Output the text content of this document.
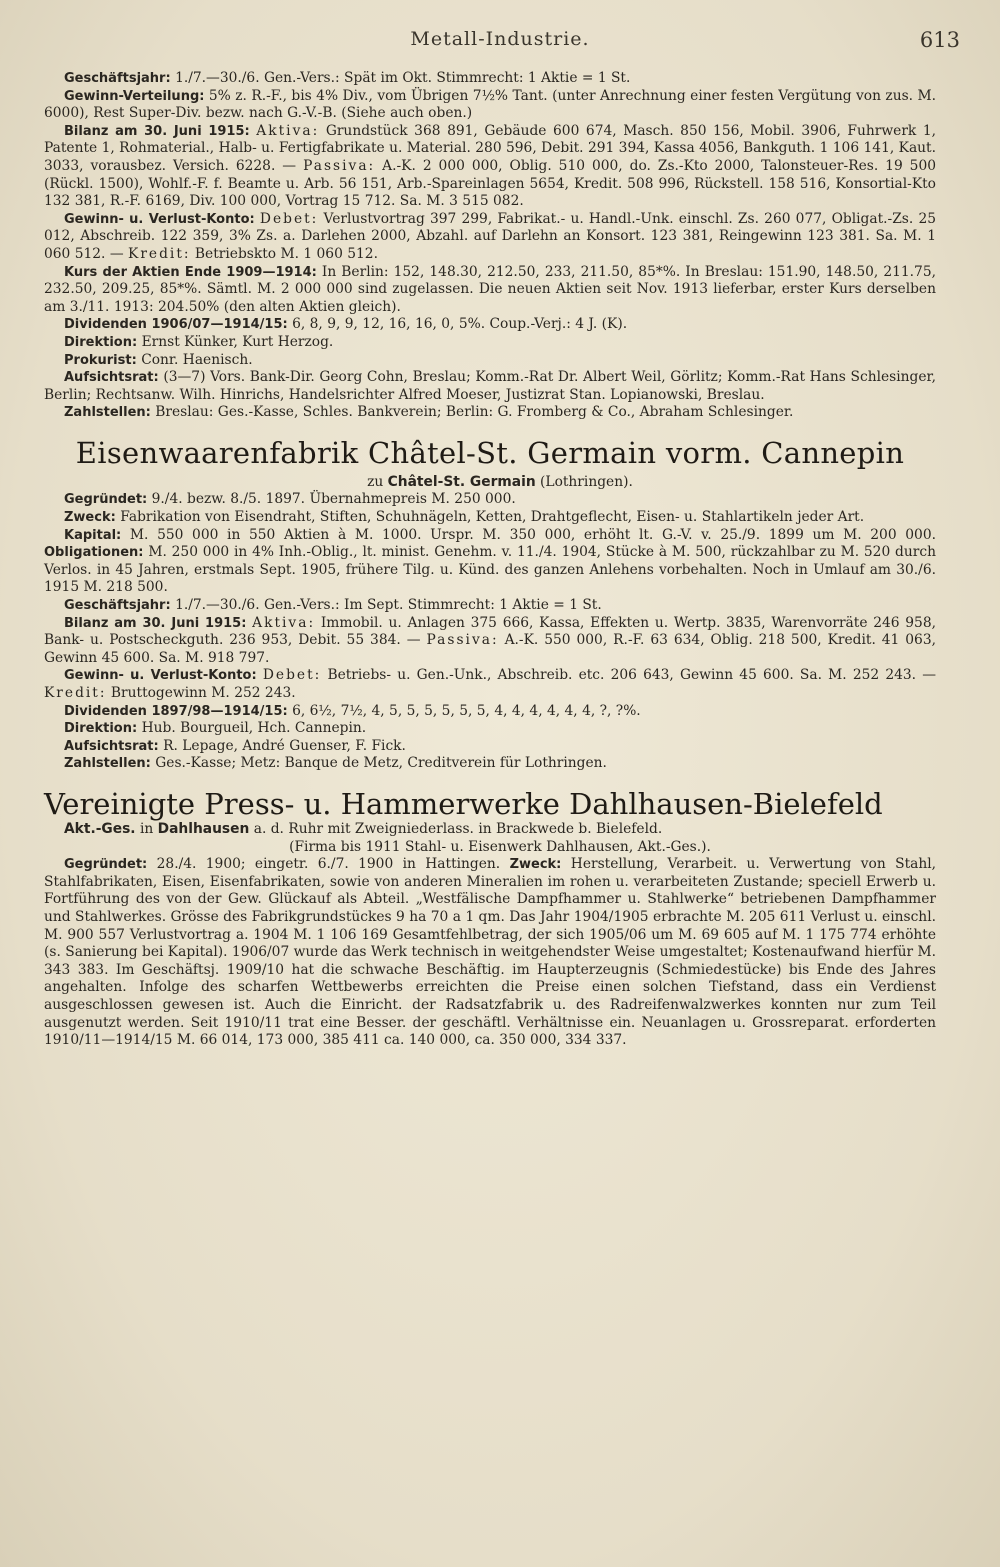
Metall-Industrie.	613

Geschäftsjahr: 1./7.—30./6. Gen.-Vers.: Spät im Okt. Stimmrecht: 1 Aktie = 1 St.

Gewinn-Verteilung: 5% z. R.-F., bis 4% Div., vom Übrigen 7½% Tant. (unter Anrechnung einer festen Vergütung von zus. M. 6000), Rest Super-Div. bezw. nach G.-V.-B. (Siehe auch oben.)

Bilanz am 30. Juni 1915: Aktiva: Grundstück 368 891, Gebäude 600 674, Masch. 850 156, Mobil. 3906, Fuhrwerk 1, Patente 1, Rohmaterial., Halb- u. Fertigfabrikate u. Material. 280 596, Debit. 291 394, Kassa 4056, Bankguth. 1 106 141, Kaut. 3033, vorausbez. Versich. 6228. — Passiva: A.-K. 2 000 000, Oblig. 510 000, do. Zs.-Kto 2000, Talonsteuer-Res. 19 500 (Rückl. 1500), Wohlf.-F. f. Beamte u. Arb. 56 151, Arb.-Spareinlagen 5654, Kredit. 508 996, Rückstell. 158 516, Konsortial-Kto 132 381, R.-F. 6169, Div. 100 000, Vortrag 15 712. Sa. M. 3 515 082.

Gewinn- u. Verlust-Konto: Debet: Verlustvortrag 397 299, Fabrikat.- u. Handl.-Unk. einschl. Zs. 260 077, Obligat.-Zs. 25 012, Abschreib. 122 359, 3% Zs. a. Darlehen 2000, Abzahl. auf Darlehn an Konsort. 123 381, Reingewinn 123 381. Sa. M. 1 060 512. — Kredit: Betriebskto M. 1 060 512.

Kurs der Aktien Ende 1909—1914: In Berlin: 152, 148.30, 212.50, 233, 211.50, 85*%. In Breslau: 151.90, 148.50, 211.75, 232.50, 209.25, 85*%. Sämtl. M. 2 000 000 sind zugelassen. Die neuen Aktien seit Nov. 1913 lieferbar, erster Kurs derselben am 3./11. 1913: 204.50% (den alten Aktien gleich).

Dividenden 1906/07—1914/15: 6, 8, 9, 9, 12, 16, 16, 0, 5%. Coup.-Verj.: 4 J. (K).

Direktion: Ernst Künker, Kurt Herzog.

Prokurist: Conr. Haenisch.

Aufsichtsrat: (3—7) Vors. Bank-Dir. Georg Cohn, Breslau; Komm.-Rat Dr. Albert Weil, Görlitz; Komm.-Rat Hans Schlesinger, Berlin; Rechtsanw. Wilh. Hinrichs, Handelsrichter Alfred Moeser, Justizrat Stan. Lopianowski, Breslau.

Zahlstellen: Breslau: Ges.-Kasse, Schles. Bankverein; Berlin: G. Fromberg & Co., Abraham Schlesinger.

Eisenwaarenfabrik Châtel-St. Germain vorm. Cannepin

zu Châtel-St. Germain (Lothringen).

Gegründet: 9./4. bezw. 8./5. 1897. Übernahmepreis M. 250 000.

Zweck: Fabrikation von Eisendraht, Stiften, Schuhnägeln, Ketten, Drahtgeflecht, Eisen- u. Stahlartikeln jeder Art.

Kapital: M. 550 000 in 550 Aktien à M. 1000. Urspr. M. 350 000, erhöht lt. G.-V. v. 25./9. 1899 um M. 200 000. Obligationen: M. 250 000 in 4% Inh.-Oblig., lt. minist. Genehm. v. 11./4. 1904, Stücke à M. 500, rückzahlbar zu M. 520 durch Verlos. in 45 Jahren, erstmals Sept. 1905, frühere Tilg. u. Künd. des ganzen Anlehens vorbehalten. Noch in Umlauf am 30./6. 1915 M. 218 500.

Geschäftsjahr: 1./7.—30./6. Gen.-Vers.: Im Sept. Stimmrecht: 1 Aktie = 1 St.

Bilanz am 30. Juni 1915: Aktiva: Immobil. u. Anlagen 375 666, Kassa, Effekten u. Wertp. 3835, Warenvorräte 246 958, Bank- u. Postscheckguth. 236 953, Debit. 55 384. — Passiva: A.-K. 550 000, R.-F. 63 634, Oblig. 218 500, Kredit. 41 063, Gewinn 45 600. Sa. M. 918 797.

Gewinn- u. Verlust-Konto: Debet: Betriebs- u. Gen.-Unk., Abschreib. etc. 206 643, Gewinn 45 600. Sa. M. 252 243. — Kredit: Bruttogewinn M. 252 243.

Dividenden 1897/98—1914/15: 6, 6½, 7½, 4, 5, 5, 5, 5, 5, 5, 4, 4, 4, 4, 4, 4, ?, ?%.

Direktion: Hub. Bourgueil, Hch. Cannepin.

Aufsichtsrat: R. Lepage, André Guenser, F. Fick.

Zahlstellen: Ges.-Kasse; Metz: Banque de Metz, Creditverein für Lothringen.

Vereinigte Press- u. Hammerwerke Dahlhausen-Bielefeld

Akt.-Ges. in Dahlhausen a. d. Ruhr mit Zweigniederlass. in Brackwede b. Bielefeld.

(Firma bis 1911 Stahl- u. Eisenwerk Dahlhausen, Akt.-Ges.).

Gegründet: 28./4. 1900; eingetr. 6./7. 1900 in Hattingen. Zweck: Herstellung, Verarbeit. u. Verwertung von Stahl, Stahlfabrikaten, Eisen, Eisenfabrikaten, sowie von anderen Mineralien im rohen u. verarbeiteten Zustande; speciell Erwerb u. Fortführung des von der Gew. Glückauf als Abteil. „Westfälische Dampfhammer u. Stahlwerke“ betriebenen Dampfhammer und Stahlwerkes. Grösse des Fabrikgrundstückes 9 ha 70 a 1 qm. Das Jahr 1904/1905 erbrachte M. 205 611 Verlust u. einschl. M. 900 557 Verlustvortrag a. 1904 M. 1 106 169 Gesamtfehlbetrag, der sich 1905/06 um M. 69 605 auf M. 1 175 774 erhöhte (s. Sanierung bei Kapital). 1906/07 wurde das Werk technisch in weitgehendster Weise umgestaltet; Kostenaufwand hierfür M. 343 383. Im Geschäftsj. 1909/10 hat die schwache Beschäftig. im Haupterzeugnis (Schmiedestücke) bis Ende des Jahres angehalten. Infolge des scharfen Wettbewerbs erreichten die Preise einen solchen Tiefstand, dass ein Verdienst ausgeschlossen gewesen ist. Auch die Einricht. der Radsatzfabrik u. des Radreifenwalzwerkes konnten nur zum Teil ausgenutzt werden. Seit 1910/11 trat eine Besser. der geschäftl. Verhältnisse ein. Neuanlagen u. Grossreparat. erforderten 1910/11—1914/15 M. 66 014, 173 000, 385 411 ca. 140 000, ca. 350 000, 334 337.
